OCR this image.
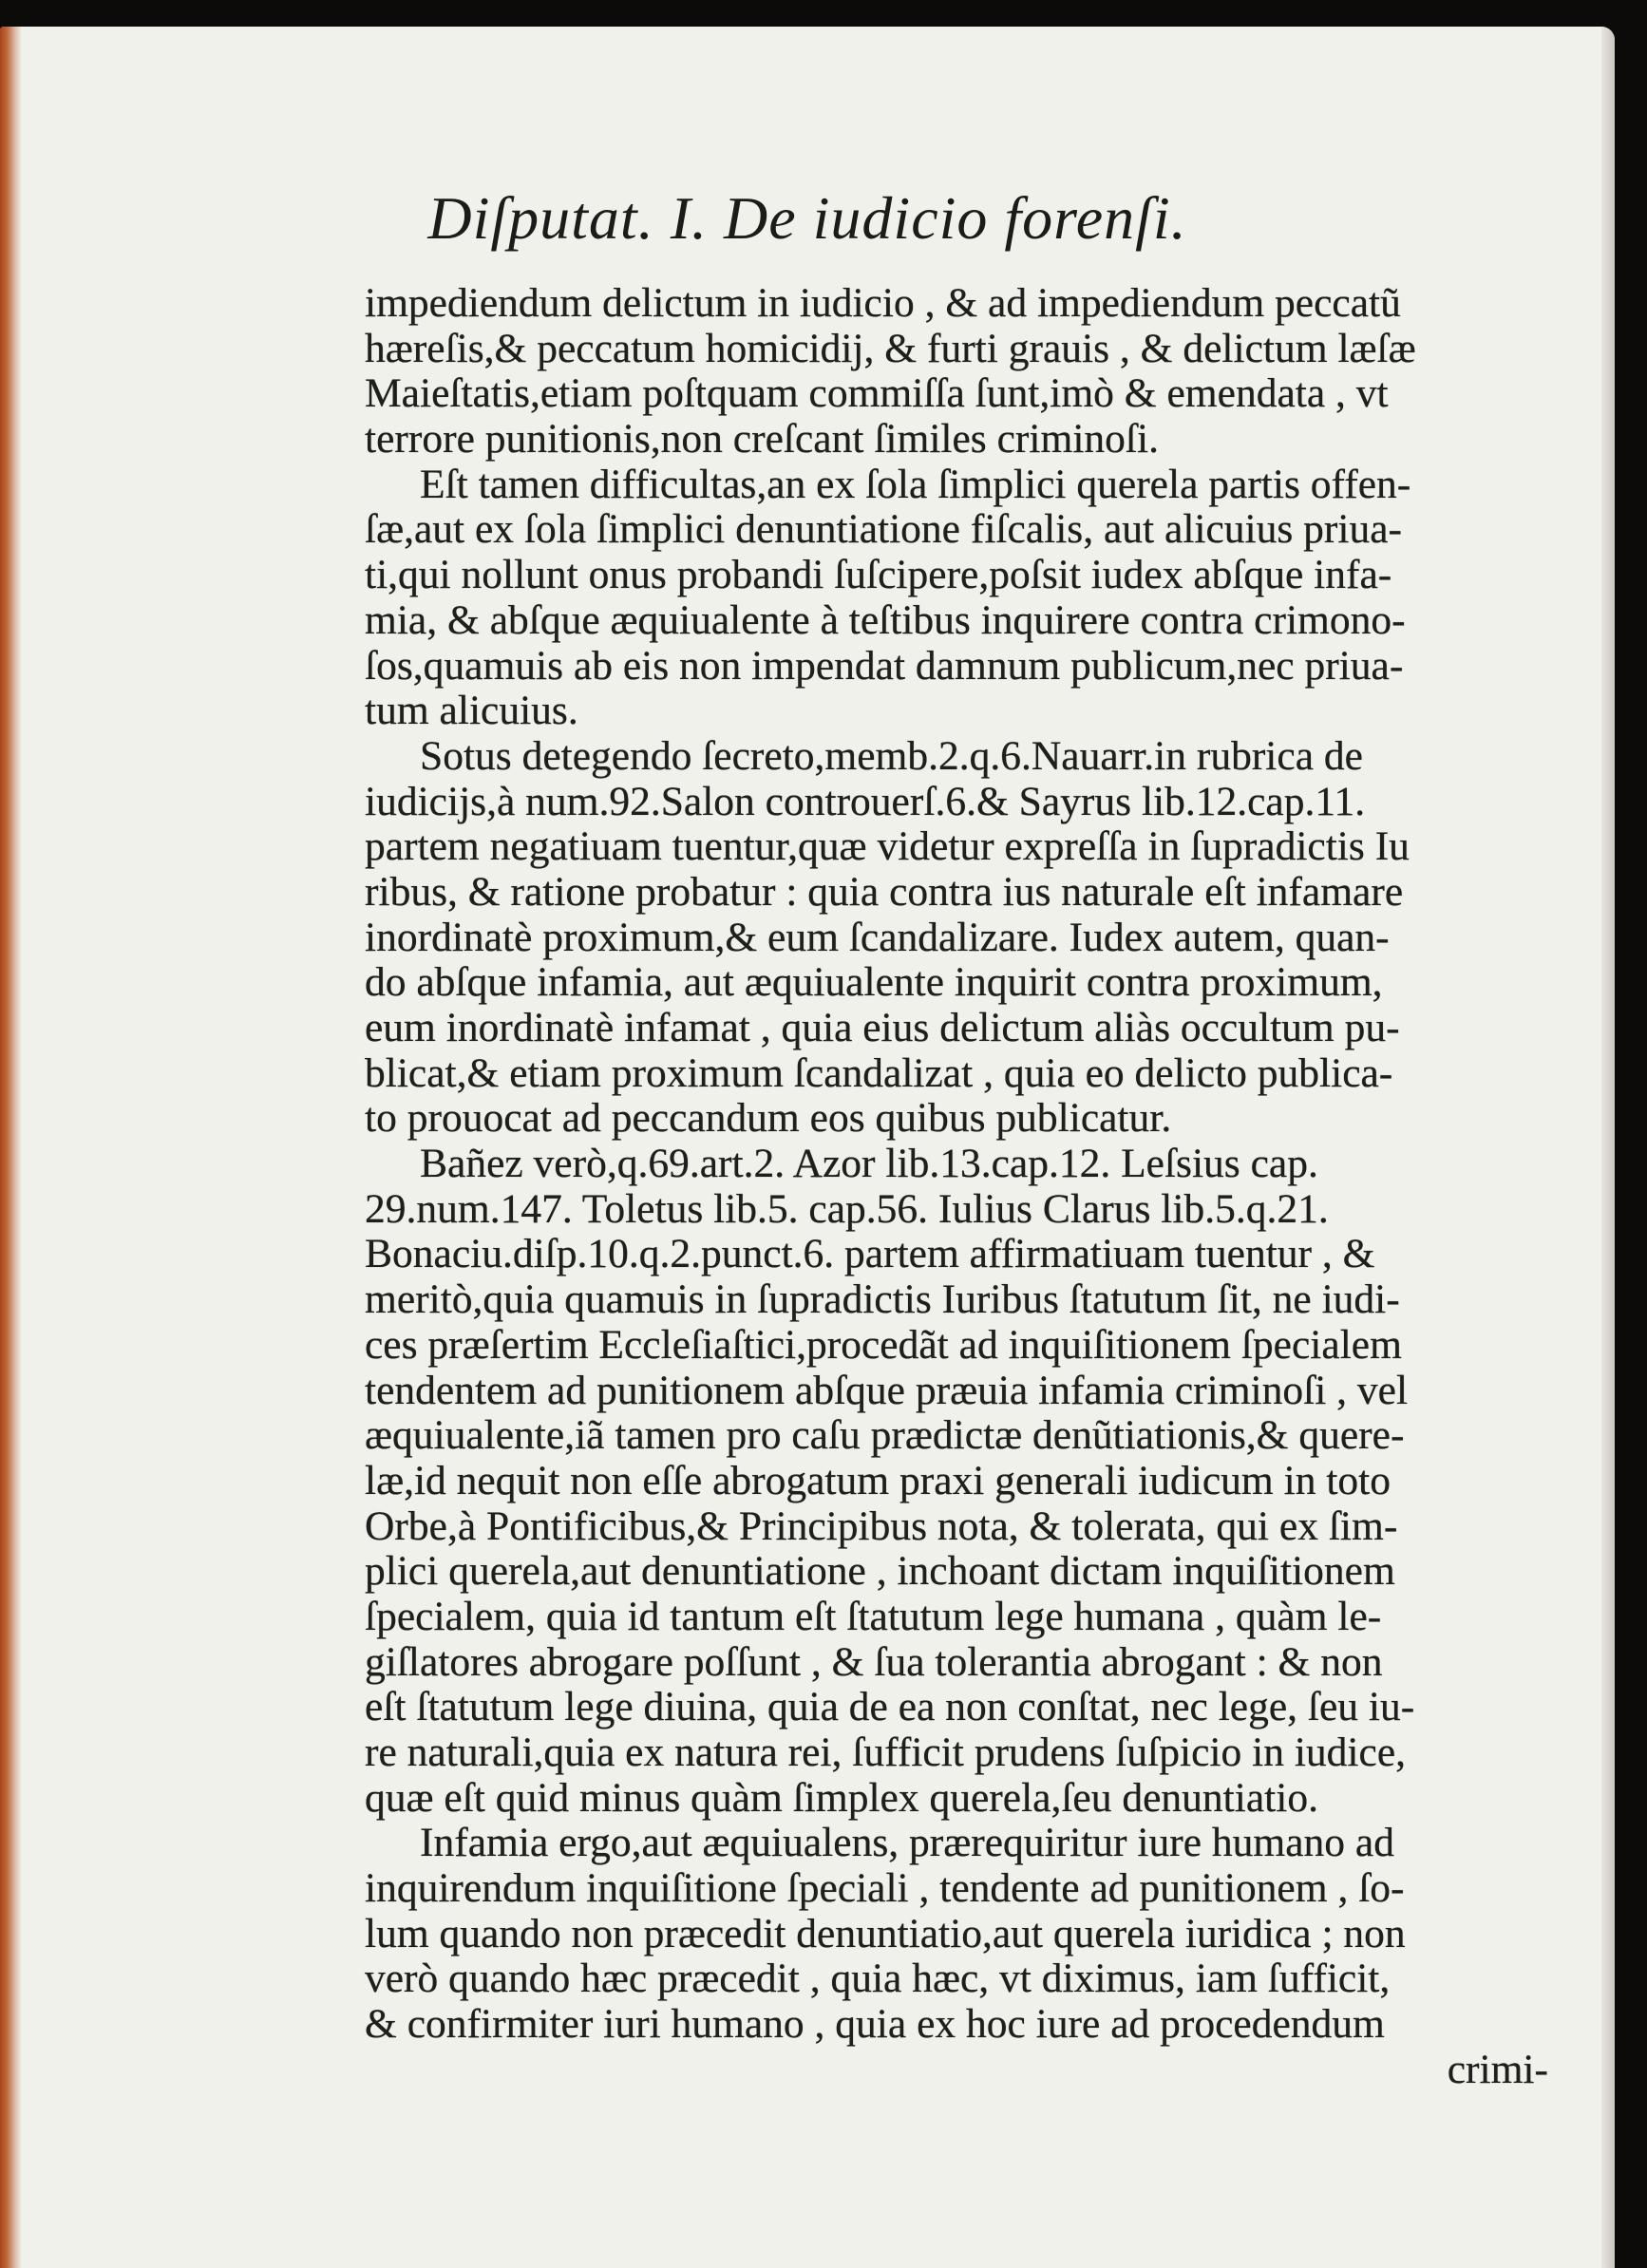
Diſputat. I. De iudicio forenſi.
impediendum delictum in iudicio , & ad impediendum peccatũ
hæreſis,& peccatum homicidij, & furti grauis , & delictum læſæ
Maieſtatis,etiam poſtquam commiſſa ſunt,imò & emendata , vt
terrore punitionis,non creſcant ſimiles criminoſi.
Eſt tamen difficultas,an ex ſola ſimplici querela partis offen-
ſæ,aut ex ſola ſimplici denuntiatione fiſcalis, aut alicuius priua-
ti,qui nollunt onus probandi ſuſcipere,poſsit iudex abſque infa-
mia, & abſque æquiualente à teſtibus inquirere contra crimono-
ſos,quamuis ab eis non impendat damnum publicum,nec priua-
tum alicuius.
Sotus detegendo ſecreto,memb.2.q.6.Nauarr.in rubrica de
iudicijs,à num.92.Salon controuerſ.6.& Sayrus lib.12.cap.11.
partem negatiuam tuentur,quæ videtur expreſſa in ſupradictis Iu
ribus, & ratione probatur : quia contra ius naturale eſt infamare
inordinatè proximum,& eum ſcandalizare. Iudex autem, quan-
do abſque infamia, aut æquiualente inquirit contra proximum,
eum inordinatè infamat , quia eius delictum aliàs occultum pu-
blicat,& etiam proximum ſcandalizat , quia eo delicto publica-
to prouocat ad peccandum eos quibus publicatur.
Bañez verò,q.69.art.2. Azor lib.13.cap.12. Leſsius cap.
29.num.147. Toletus lib.5. cap.56. Iulius Clarus lib.5.q.21.
Bonaciu.diſp.10.q.2.punct.6. partem affirmatiuam tuentur , &
meritò,quia quamuis in ſupradictis Iuribus ſtatutum ſit, ne iudi-
ces præſertim Eccleſiaſtici,procedãt ad inquiſitionem ſpecialem
tendentem ad punitionem abſque præuia infamia criminoſi , vel
æquiualente,iã tamen pro caſu prædictæ denũtiationis,& quere-
læ,id nequit non eſſe abrogatum praxi generali iudicum in toto
Orbe,à Pontificibus,& Principibus nota, & tolerata, qui ex ſim-
plici querela,aut denuntiatione , inchoant dictam inquiſitionem
ſpecialem, quia id tantum eſt ſtatutum lege humana , quàm le-
giſlatores abrogare poſſunt , & ſua tolerantia abrogant : & non
eſt ſtatutum lege diuina, quia de ea non conſtat, nec lege, ſeu iu-
re naturali,quia ex natura rei, ſufficit prudens ſuſpicio in iudice,
quæ eſt quid minus quàm ſimplex querela,ſeu denuntiatio.
Infamia ergo,aut æquiualens, prærequiritur iure humano ad
inquirendum inquiſitione ſpeciali , tendente ad punitionem , ſo-
lum quando non præcedit denuntiatio,aut querela iuridica ; non
verò quando hæc præcedit , quia hæc, vt diximus, iam ſufficit,
& confirmiter iuri humano , quia ex hoc iure ad procedendum
crimi-
